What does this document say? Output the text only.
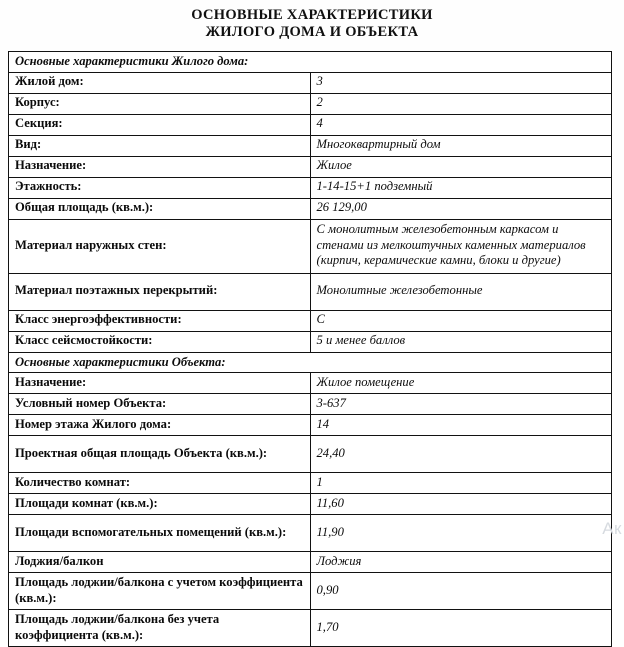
ОСНОВНЫЕ ХАРАКТЕРИСТИКИ
ЖИЛОГО ДОМА И ОБЪЕКТА
Основные характеристики Жилого дома:	
Жилой дом:	3
Корпус:	2
Секция:	4
Вид:	Многоквартирный дом
Назначение:	Жилое
Этажность:	1-14-15+1 подземный
Общая площадь (кв.м.):	26 129,00
Материал наружных стен:	С монолитным железобетонным каркасом и стенами из мелкоштучных каменных материалов (кирпич, керамические камни, блоки и другие)
Материал поэтажных перекрытий:	Монолитные железобетонные
Класс энергоэффективности:	С
Класс сейсмостойкости:	5 и менее баллов
Основные характеристики Объекта:	
Назначение:	Жилое помещение
Условный номер Объекта:	3-637
Номер этажа Жилого дома:	14
Проектная общая площадь Объекта (кв.м.):	24,40
Количество комнат:	1
Площади комнат (кв.м.):	11,60
Площади вспомогательных помещений (кв.м.):	11,90
Лоджия/балкон	Лоджия
Площадь лоджии/балкона с учетом коэффициента (кв.м.):	0,90
Площадь лоджии/балкона без учета коэффициента (кв.м.):	1,70
Ак
